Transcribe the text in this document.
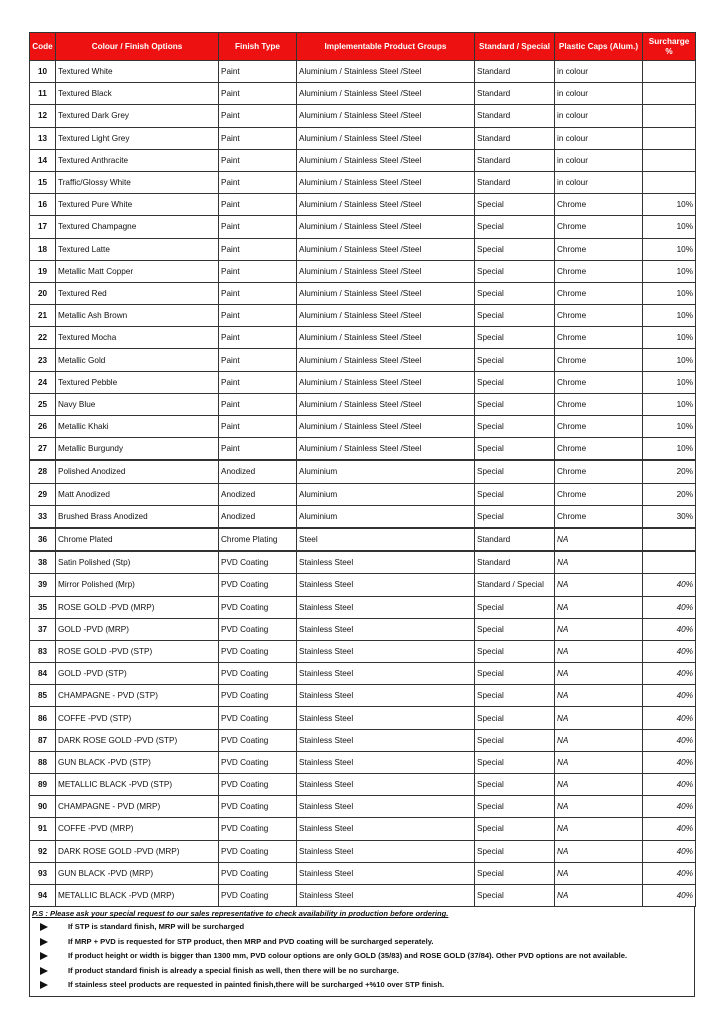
Code	Colour / Finish Options	Finish Type	Implementable Product Groups	Standard / Special	Plastic Caps (Alum.)	Surcharge %
10	Textured White	Paint	Aluminium / Stainless Steel /Steel	Standard	in colour	
11	Textured Black	Paint	Aluminium / Stainless Steel /Steel	Standard	in colour	
12	Textured Dark Grey	Paint	Aluminium / Stainless Steel /Steel	Standard	in colour	
13	Textured Light Grey	Paint	Aluminium / Stainless Steel /Steel	Standard	in colour	
14	Textured Anthracite	Paint	Aluminium / Stainless Steel /Steel	Standard	in colour	
15	Traffic/Glossy White	Paint	Aluminium / Stainless Steel /Steel	Standard	in colour	
16	Textured Pure White	Paint	Aluminium / Stainless Steel /Steel	Special	Chrome	10%
17	Textured Champagne	Paint	Aluminium / Stainless Steel /Steel	Special	Chrome	10%
18	Textured Latte	Paint	Aluminium / Stainless Steel /Steel	Special	Chrome	10%
19	Metallic Matt Copper	Paint	Aluminium / Stainless Steel /Steel	Special	Chrome	10%
20	Textured Red	Paint	Aluminium / Stainless Steel /Steel	Special	Chrome	10%
21	Metallic Ash Brown	Paint	Aluminium / Stainless Steel /Steel	Special	Chrome	10%
22	Textured Mocha	Paint	Aluminium / Stainless Steel /Steel	Special	Chrome	10%
23	Metallic Gold	Paint	Aluminium / Stainless Steel /Steel	Special	Chrome	10%
24	Textured Pebble	Paint	Aluminium / Stainless Steel /Steel	Special	Chrome	10%
25	Navy Blue	Paint	Aluminium / Stainless Steel /Steel	Special	Chrome	10%
26	Metallic Khaki	Paint	Aluminium / Stainless Steel /Steel	Special	Chrome	10%
27	Metallic Burgundy	Paint	Aluminium / Stainless Steel /Steel	Special	Chrome	10%
28	Polished Anodized	Anodized	Aluminium	Special	Chrome	20%
29	Matt Anodized	Anodized	Aluminium	Special	Chrome	20%
33	Brushed Brass Anodized	Anodized	Aluminium	Special	Chrome	30%
36	Chrome Plated	Chrome Plating	Steel	Standard	NA	
38	Satin Polished (Stp)	PVD Coating	Stainless Steel	Standard	NA	
39	Mirror Polished (Mrp)	PVD Coating	Stainless Steel	Standard / Special	NA	40%
35	ROSE GOLD -PVD (MRP)	PVD Coating	Stainless Steel	Special	NA	40%
37	GOLD -PVD (MRP)	PVD Coating	Stainless Steel	Special	NA	40%
83	ROSE GOLD -PVD (STP)	PVD Coating	Stainless Steel	Special	NA	40%
84	GOLD -PVD (STP)	PVD Coating	Stainless Steel	Special	NA	40%
85	CHAMPAGNE - PVD (STP)	PVD Coating	Stainless Steel	Special	NA	40%
86	COFFE -PVD (STP)	PVD Coating	Stainless Steel	Special	NA	40%
87	DARK ROSE GOLD -PVD (STP)	PVD Coating	Stainless Steel	Special	NA	40%
88	GUN BLACK -PVD (STP)	PVD Coating	Stainless Steel	Special	NA	40%
89	METALLIC BLACK -PVD (STP)	PVD Coating	Stainless Steel	Special	NA	40%
90	CHAMPAGNE - PVD (MRP)	PVD Coating	Stainless Steel	Special	NA	40%
91	COFFE -PVD (MRP)	PVD Coating	Stainless Steel	Special	NA	40%
92	DARK ROSE GOLD -PVD (MRP)	PVD Coating	Stainless Steel	Special	NA	40%
93	GUN BLACK -PVD (MRP)	PVD Coating	Stainless Steel	Special	NA	40%
94	METALLIC BLACK -PVD (MRP)	PVD Coating	Stainless Steel	Special	NA	40%
P.S : Please ask your special request to our sales representative to check availability in production before ordering.
If STP is standard finish, MRP will be surcharged
If MRP + PVD is requested for STP product, then MRP and PVD coating will be surcharged seperately.
If product height or width is bigger than 1300 mm, PVD colour options are only GOLD (35/83) and ROSE GOLD (37/84). Other PVD options are not available.
If product standard finish is already a special finish as well, then there will be no surcharge.
If stainless steel products are requested in painted finish,there will be surcharged +%10 over STP finish.
